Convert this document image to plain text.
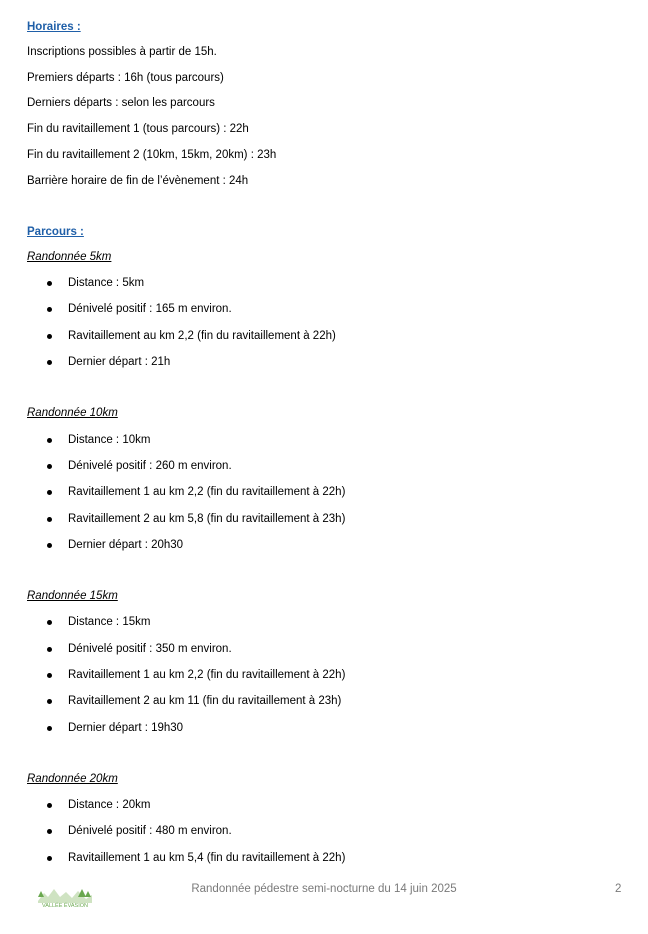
Horaires :
Inscriptions possibles à partir de 15h.
Premiers départs : 16h (tous parcours)
Derniers départs : selon les parcours
Fin du ravitaillement 1 (tous parcours) : 22h
Fin du ravitaillement 2 (10km, 15km, 20km) : 23h
Barrière horaire de fin de l’évènement : 24h
Parcours :
Randonnée 5km
Distance : 5km
Dénivelé positif : 165 m environ.
Ravitaillement au km 2,2 (fin du ravitaillement à 22h)
Dernier départ : 21h
Randonnée 10km
Distance : 10km
Dénivelé positif : 260 m environ.
Ravitaillement 1 au km 2,2 (fin du ravitaillement à 22h)
Ravitaillement 2 au km 5,8 (fin du ravitaillement à 23h)
Dernier départ : 20h30
Randonnée 15km
Distance : 15km
Dénivelé positif : 350 m environ.
Ravitaillement 1 au km 2,2 (fin du ravitaillement à 22h)
Ravitaillement 2 au km 11 (fin du ravitaillement à 23h)
Dernier départ : 19h30
Randonnée 20km
Distance : 20km
Dénivelé positif : 480 m environ.
Ravitaillement 1 au km 5,4 (fin du ravitaillement à 22h)
VALLÉE ÉVASION
Randonnée pédestre semi-nocturne du 14 juin 2025	2
